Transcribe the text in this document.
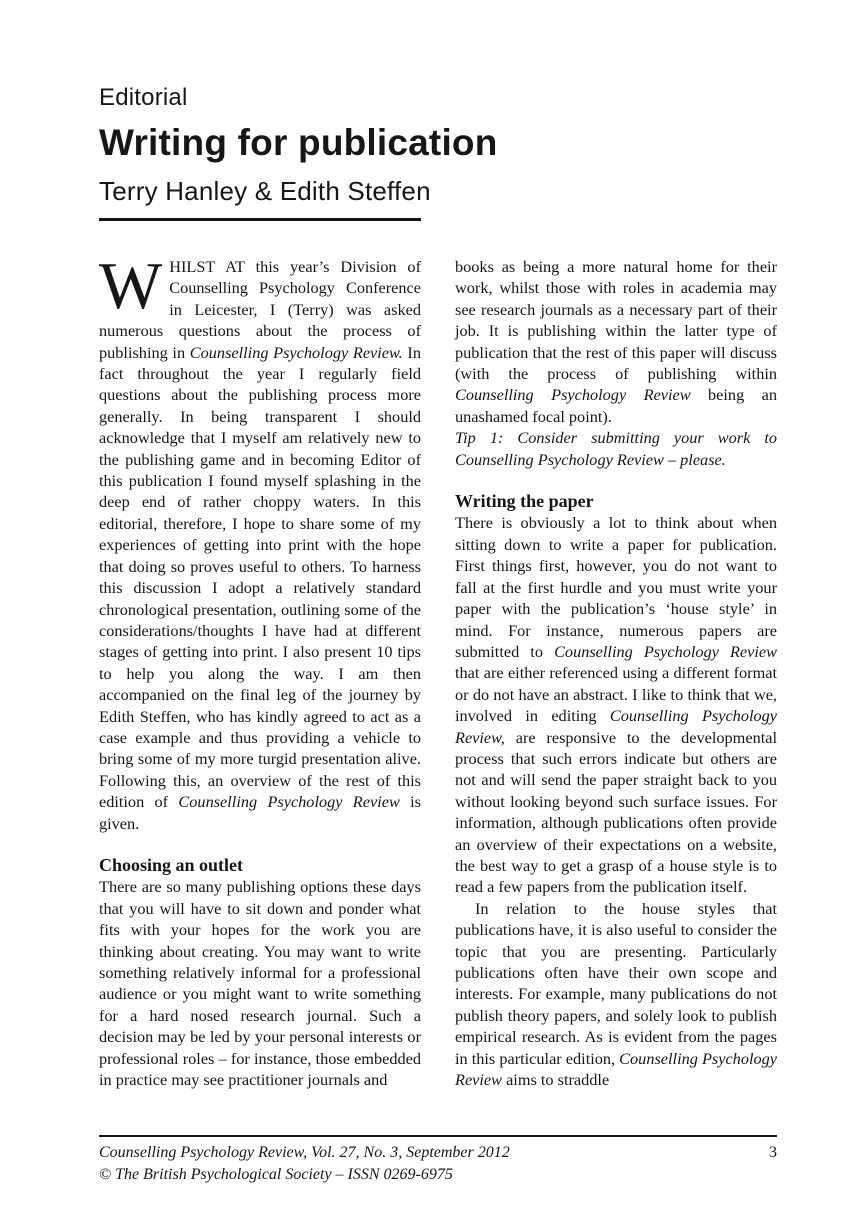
Editorial
Writing for publication
Terry Hanley & Edith Steffen

WHILST AT this year’s Division of Counselling Psychology Conference in Leicester, I (Terry) was asked numerous questions about the process of publishing in Counselling Psychology Review. In fact throughout the year I regularly field questions about the publishing process more generally. In being transparent I should acknowledge that I myself am relatively new to the publishing game and in becoming Editor of this publication I found myself splashing in the deep end of rather choppy waters. In this editorial, therefore, I hope to share some of my experiences of getting into print with the hope that doing so proves useful to others. To harness this discussion I adopt a relatively standard chronological presentation, outlining some of the considerations/thoughts I have had at different stages of getting into print. I also present 10 tips to help you along the way. I am then accompanied on the final leg of the journey by Edith Steffen, who has kindly agreed to act as a case example and thus providing a vehicle to bring some of my more turgid presentation alive. Following this, an overview of the rest of this edition of Counselling Psychology Review is given.

Choosing an outlet

There are so many publishing options these days that you will have to sit down and ponder what fits with your hopes for the work you are thinking about creating. You may want to write something relatively informal for a professional audience or you might want to write something for a hard nosed research journal. Such a decision may be led by your personal interests or professional roles – for instance, those embedded in practice may see practitioner journals and

books as being a more natural home for their work, whilst those with roles in academia may see research journals as a necessary part of their job. It is publishing within the latter type of publication that the rest of this paper will discuss (with the process of publishing within Counselling Psychology Review being an unashamed focal point).

Tip 1: Consider submitting your work to Counselling Psychology Review – please.

Writing the paper

There is obviously a lot to think about when sitting down to write a paper for publication. First things first, however, you do not want to fall at the first hurdle and you must write your paper with the publication’s ‘house style’ in mind. For instance, numerous papers are submitted to Counselling Psychology Review that are either referenced using a different format or do not have an abstract. I like to think that we, involved in editing Counselling Psychology Review, are responsive to the developmental process that such errors indicate but others are not and will send the paper straight back to you without looking beyond such surface issues. For information, although publications often provide an overview of their expectations on a website, the best way to get a grasp of a house style is to read a few papers from the publication itself.

In relation to the house styles that publications have, it is also useful to consider the topic that you are presenting. Particularly publications often have their own scope and interests. For example, many publications do not publish theory papers, and solely look to publish empirical research. As is evident from the pages in this particular edition, Counselling Psychology Review aims to straddle

Counselling Psychology Review, Vol. 27, No. 3, September 2012	3
© The British Psychological Society – ISSN 0269-6975
